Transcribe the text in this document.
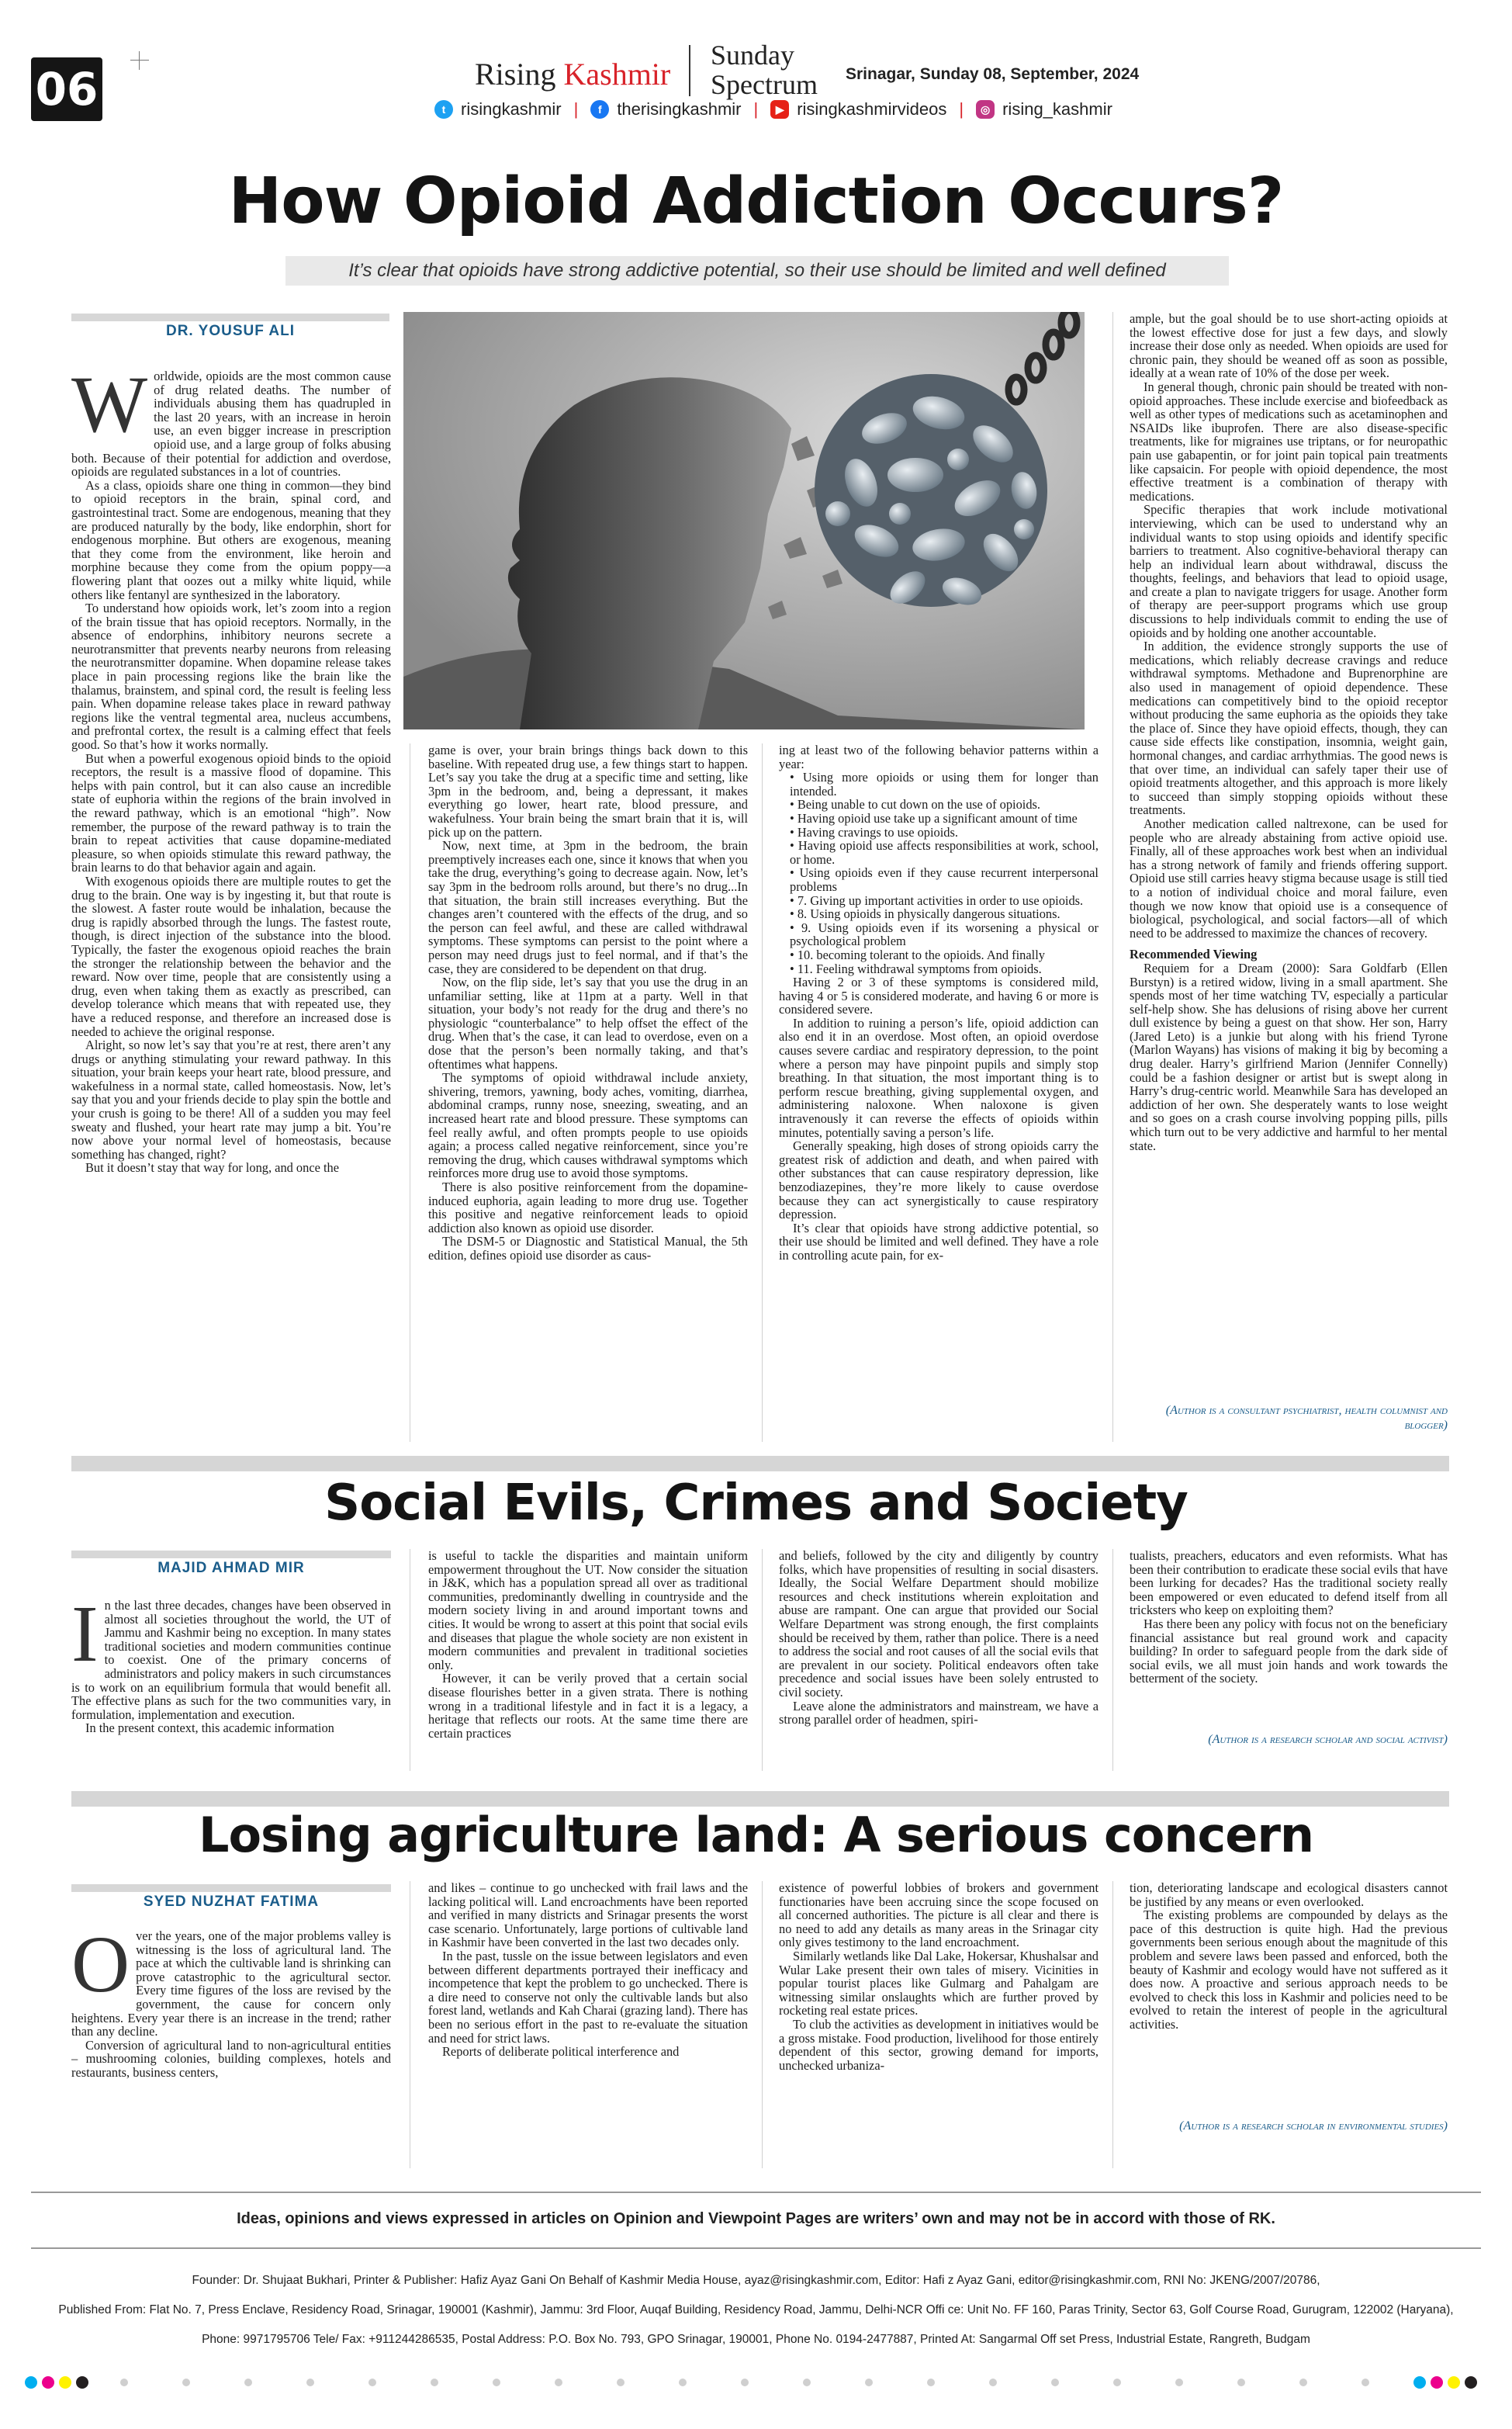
06	Rising Kashmir
Sunday
Spectrum Srinagar, Sunday 08, September, 2024
t risingkashmir |	f therisingkashmir |	▶ risingkashmirvideos |	◎ rising_kashmir
How Opioid Addiction Occurs?
It’s clear that opioids have strong addictive potential, so their use should be limited and well defined
DR. YOUSUF ALI

Worldwide, opioids are the most common cause of drug related deaths. The number of individuals abusing them has quadrupled in the last 20 years, with an increase in heroin use, an even bigger increase in prescription opioid use, and a large group of folks abusing both. Because of their potential for addiction and overdose, opioids are regulated substances in a lot of countries.

As a class, opioids share one thing in common—they bind to opioid receptors in the brain, spinal cord, and gastrointestinal tract. Some are endogenous, meaning that they are produced naturally by the body, like endorphin, short for endogenous morphine. But others are exogenous, meaning that they come from the environment, like heroin and morphine because they come from the opium poppy—a flowering plant that oozes out a milky white liquid, while others like fentanyl are synthesized in the laboratory.

To understand how opioids work, let’s zoom into a region of the brain tissue that has opioid receptors. Normally, in the absence of endorphins, inhibitory neurons secrete a neurotransmitter that prevents nearby neurons from releasing the neurotransmitter dopamine. When dopamine release takes place in pain processing regions like the brain like the thalamus, brainstem, and spinal cord, the result is feeling less pain. When dopamine release takes place in reward pathway regions like the ventral tegmental area, nucleus accumbens, and prefrontal cortex, the result is a calming effect that feels good. So that’s how it works normally.

But when a powerful exogenous opioid binds to the opioid receptors, the result is a massive flood of dopamine. This helps with pain control, but it can also cause an incredible state of euphoria within the regions of the brain involved in the reward pathway, which is an emotional “high”. Now remember, the purpose of the reward pathway is to train the brain to repeat activities that cause dopamine-mediated pleasure, so when opioids stimulate this reward pathway, the brain learns to do that behavior again and again.

With exogenous opioids there are multiple routes to get the drug to the brain. One way is by ingesting it, but that route is the slowest. A faster route would be inhalation, because the drug is rapidly absorbed through the lungs. The fastest route, though, is direct injection of the substance into the blood. Typically, the faster the exogenous opioid reaches the brain the stronger the relationship between the behavior and the reward. Now over time, people that are consistently using a drug, even when taking them as exactly as prescribed, can develop tolerance which means that with repeated use, they have a reduced response, and therefore an increased dose is needed to achieve the original response.

Alright, so now let’s say that you’re at rest, there aren’t any drugs or anything stimulating your reward pathway. In this situation, your brain keeps your heart rate, blood pressure, and wakefulness in a normal state, called homeostasis. Now, let’s say that you and your friends decide to play spin the bottle and your crush is going to be there! All of a sudden you may feel sweaty and flushed, your heart rate may jump a bit. You’re now above your normal level of homeostasis, because something has changed, right?

But it doesn’t stay that way for long, and once the

game is over, your brain brings things back down to this baseline. With repeated drug use, a few things start to happen. Let’s say you take the drug at a specific time and setting, like 3pm in the bedroom, and, being a depressant, it makes everything go lower, heart rate, blood pressure, and wakefulness. Your brain being the smart brain that it is, will pick up on the pattern.

Now, next time, at 3pm in the bedroom, the brain preemptively increases each one, since it knows that when you take the drug, everything’s going to decrease again. Now, let’s say 3pm in the bedroom rolls around, but there’s no drug...In that situation, the brain still increases everything. But the changes aren’t countered with the effects of the drug, and so the person can feel awful, and these are called withdrawal symptoms. These symptoms can persist to the point where a person may need drugs just to feel normal, and if that’s the case, they are considered to be dependent on that drug.

Now, on the flip side, let’s say that you use the drug in an unfamiliar setting, like at 11pm at a party. Well in that situation, your body’s not ready for the drug and there’s no physiologic “counterbalance” to help offset the effect of the drug. When that’s the case, it can lead to overdose, even on a dose that the person’s been normally taking, and that’s oftentimes what happens.

The symptoms of opioid withdrawal include anxiety, shivering, tremors, yawning, body aches, vomiting, diarrhea, abdominal cramps, runny nose, sneezing, sweating, and an increased heart rate and blood pressure. These symptoms can feel really awful, and often prompts people to use opioids again; a process called negative reinforcement, since you’re removing the drug, which causes withdrawal symptoms which reinforces more drug use to avoid those symptoms.

There is also positive reinforcement from the dopamine-induced euphoria, again leading to more drug use. Together this positive and negative reinforcement leads to opioid addiction also known as opioid use disorder.

The DSM-5 or Diagnostic and Statistical Manual, the 5th edition, defines opioid use disorder as caus-

ing at least two of the following behavior patterns within a year:

• Using more opioids or using them for longer than intended.

• Being unable to cut down on the use of opioids.

• Having opioid use take up a significant amount of time

• Having cravings to use opioids.

• Having opioid use affects responsibilities at work, school, or home.

• Using opioids even if they cause recurrent interpersonal problems

• 7. Giving up important activities in order to use opioids.

• 8. Using opioids in physically dangerous situations.

• 9. Using opioids even if its worsening a physical or psychological problem

• 10. becoming tolerant to the opioids. And finally

• 11. Feeling withdrawal symptoms from opioids.

Having 2 or 3 of these symptoms is considered mild, having 4 or 5 is considered moderate, and having 6 or more is considered severe.

In addition to ruining a person’s life, opioid addiction can also end it in an overdose. Most often, an opioid overdose causes severe cardiac and respiratory depression, to the point where a person may have pinpoint pupils and simply stop breathing. In that situation, the most important thing is to perform rescue breathing, giving supplemental oxygen, and administering naloxone. When naloxone is given intravenously it can reverse the effects of opioids within minutes, potentially saving a person’s life.

Generally speaking, high doses of strong opioids carry the greatest risk of addiction and death, and when paired with other substances that can cause respiratory depression, like benzodiazepines, they’re more likely to cause overdose because they can act synergistically to cause respiratory depression.

It’s clear that opioids have strong addictive potential, so their use should be limited and well defined. They have a role in controlling acute pain, for ex-

ample, but the goal should be to use short-acting opioids at the lowest effective dose for just a few days, and slowly increase their dose only as needed. When opioids are used for chronic pain, they should be weaned off as soon as possible, ideally at a wean rate of 10% of the dose per week.

In general though, chronic pain should be treated with non-opioid approaches. These include exercise and biofeedback as well as other types of medications such as acetaminophen and NSAIDs like ibuprofen. There are also disease-specific treatments, like for migraines use triptans, or for neuropathic pain use gabapentin, or for joint pain topical pain treatments like capsaicin. For people with opioid dependence, the most effective treatment is a combination of therapy with medications.

Specific therapies that work include motivational interviewing, which can be used to understand why an individual wants to stop using opioids and identify specific barriers to treatment. Also cognitive-behavioral therapy can help an individual learn about withdrawal, discuss the thoughts, feelings, and behaviors that lead to opioid usage, and create a plan to navigate triggers for usage. Another form of therapy are peer-support programs which use group discussions to help individuals commit to ending the use of opioids and by holding one another accountable.

In addition, the evidence strongly supports the use of medications, which reliably decrease cravings and reduce withdrawal symptoms. Methadone and Buprenorphine are also used in management of opioid dependence. These medications can competitively bind to the opioid receptor without producing the same euphoria as the opioids they take the place of. Since they have opioid effects, though, they can cause side effects like constipation, insomnia, weight gain, hormonal changes, and cardiac arrhythmias. The good news is that over time, an individual can safely taper their use of opioid treatments altogether, and this approach is more likely to succeed than simply stopping opioids without these treatments.

Another medication called naltrexone, can be used for people who are already abstaining from active opioid use. Finally, all of these approaches work best when an individual has a strong network of family and friends offering support. Opioid use still carries heavy stigma because usage is still tied to a notion of individual choice and moral failure, even though we now know that opioid use is a consequence of biological, psychological, and social factors—all of which need to be addressed to maximize the chances of recovery.

Recommended Viewing

Requiem for a Dream (2000): Sara Goldfarb (Ellen Burstyn) is a retired widow, living in a small apartment. She spends most of her time watching TV, especially a particular self-help show. She has delusions of rising above her current dull existence by being a guest on that show. Her son, Harry (Jared Leto) is a junkie but along with his friend Tyrone (Marlon Wayans) has visions of making it big by becoming a drug dealer. Harry’s girlfriend Marion (Jennifer Connelly) could be a fashion designer or artist but is swept along in Harry’s drug-centric world. Meanwhile Sara has developed an addiction of her own. She desperately wants to lose weight and so goes on a crash course involving popping pills, pills which turn out to be very addictive and harmful to her mental state.

(Author is a consultant psychiatrist, health columnist and blogger)
Social Evils, Crimes and Society
MAJID AHMAD MIR

In the last three decades, changes have been observed in almost all societies throughout the world, the UT of Jammu and Kashmir being no exception. In many states traditional societies and modern communities continue to coexist. One of the primary concerns of administrators and policy makers in such circumstances is to work on an equilibrium formula that would benefit all. The effective plans as such for the two communities vary, in formulation, implementation and execution.

In the present context, this academic information

is useful to tackle the disparities and maintain uniform empowerment throughout the UT. Now consider the situation in J&K, which has a population spread all over as traditional communities, predominantly dwelling in countryside and the modern society living in and around important towns and cities. It would be wrong to assert at this point that social evils and diseases that plague the whole society are non existent in modern communities and prevalent in traditional societies only.

However, it can be verily proved that a certain social disease flourishes better in a given strata. There is nothing wrong in a traditional lifestyle and in fact it is a legacy, a heritage that reflects our roots. At the same time there are certain practices

and beliefs, followed by the city and diligently by country folks, which have propensities of resulting in social disasters. Ideally, the Social Welfare Department should mobilize resources and check institutions wherein exploitation and abuse are rampant. One can argue that provided our Social Welfare Department was strong enough, the first complaints should be received by them, rather than police. There is a need to address the social and root causes of all the social evils that are prevalent in our society. Political endeavors often take precedence and social issues have been solely entrusted to civil society.

Leave alone the administrators and mainstream, we have a strong parallel order of headmen, spiri-

tualists, preachers, educators and even reformists. What has been their contribution to eradicate these social evils that have been lurking for decades? Has the traditional society really been empowered or even educated to defend itself from all tricksters who keep on exploiting them?

Has there been any policy with focus not on the beneficiary financial assistance but real ground work and capacity building? In order to safeguard people from the dark side of social evils, we all must join hands and work towards the betterment of the society.

(Author is a research scholar and social activist)
Losing agriculture land: A serious concern
SYED NUZHAT FATIMA

Over the years, one of the major problems valley is witnessing is the loss of agricultural land. The pace at which the cultivable land is shrinking can prove catastrophic to the agricultural sector. Every time figures of the loss are revised by the government, the cause for concern only heightens. Every year there is an increase in the trend; rather than any decline.

Conversion of agricultural land to non-agricultural entities – mushrooming colonies, building complexes, hotels and restaurants, business centers,

and likes – continue to go unchecked with frail laws and the lacking political will. Land encroachments have been reported and verified in many districts and Srinagar presents the worst case scenario. Unfortunately, large portions of cultivable land in Kashmir have been converted in the last two decades only.

In the past, tussle on the issue between legislators and even between different departments portrayed their inefficacy and incompetence that kept the problem to go unchecked. There is a dire need to conserve not only the cultivable lands but also forest land, wetlands and Kah Charai (grazing land). There has been no serious effort in the past to re-evaluate the situation and need for strict laws.

Reports of deliberate political interference and

existence of powerful lobbies of brokers and government functionaries have been accruing since the scope focused on all concerned authorities. The picture is all clear and there is no need to add any details as many areas in the Srinagar city only gives testimony to the land encroachment.

Similarly wetlands like Dal Lake, Hokersar, Khushalsar and Wular Lake present their own tales of misery. Vicinities in popular tourist places like Gulmarg and Pahalgam are witnessing similar onslaughts which are further proved by rocketing real estate prices.

To club the activities as development in initiatives would be a gross mistake. Food production, livelihood for those entirely dependent of this sector, growing demand for imports, unchecked urbaniza-

tion, deteriorating landscape and ecological disasters cannot be justified by any means or even overlooked.

The existing problems are compounded by delays as the pace of this destruction is quite high. Had the previous governments been serious enough about the magnitude of this problem and severe laws been passed and enforced, both the beauty of Kashmir and ecology would have not suffered as it does now. A proactive and serious approach needs to be evolved to check this loss in Kashmir and policies need to be evolved to retain the interest of people in the agricultural activities.

(Author is a research scholar in environmental studies)
Ideas, opinions and views expressed in articles on Opinion and Viewpoint Pages are writers’ own and may not be in accord with those of RK.
Founder: Dr. Shujaat Bukhari, Printer & Publisher: Hafiz Ayaz Gani On Behalf of Kashmir Media House, ayaz@risingkashmir.com, Editor: Hafi z Ayaz Gani, editor@risingkashmir.com, RNI No: JKENG/2007/20786,
Published From: Flat No. 7, Press Enclave, Residency Road, Srinagar, 190001 (Kashmir), Jammu: 3rd Floor, Auqaf Building, Residency Road, Jammu, Delhi-NCR Offi ce: Unit No. FF 160, Paras Trinity, Sector 63, Golf Course Road, Gurugram, 122002 (Haryana),
Phone: 9971795706 Tele/ Fax: +911244286535, Postal Address: P.O. Box No. 793, GPO Srinagar, 190001, Phone No. 0194-2477887, Printed At: Sangarmal Off set Press, Industrial Estate, Rangreth, Budgam
